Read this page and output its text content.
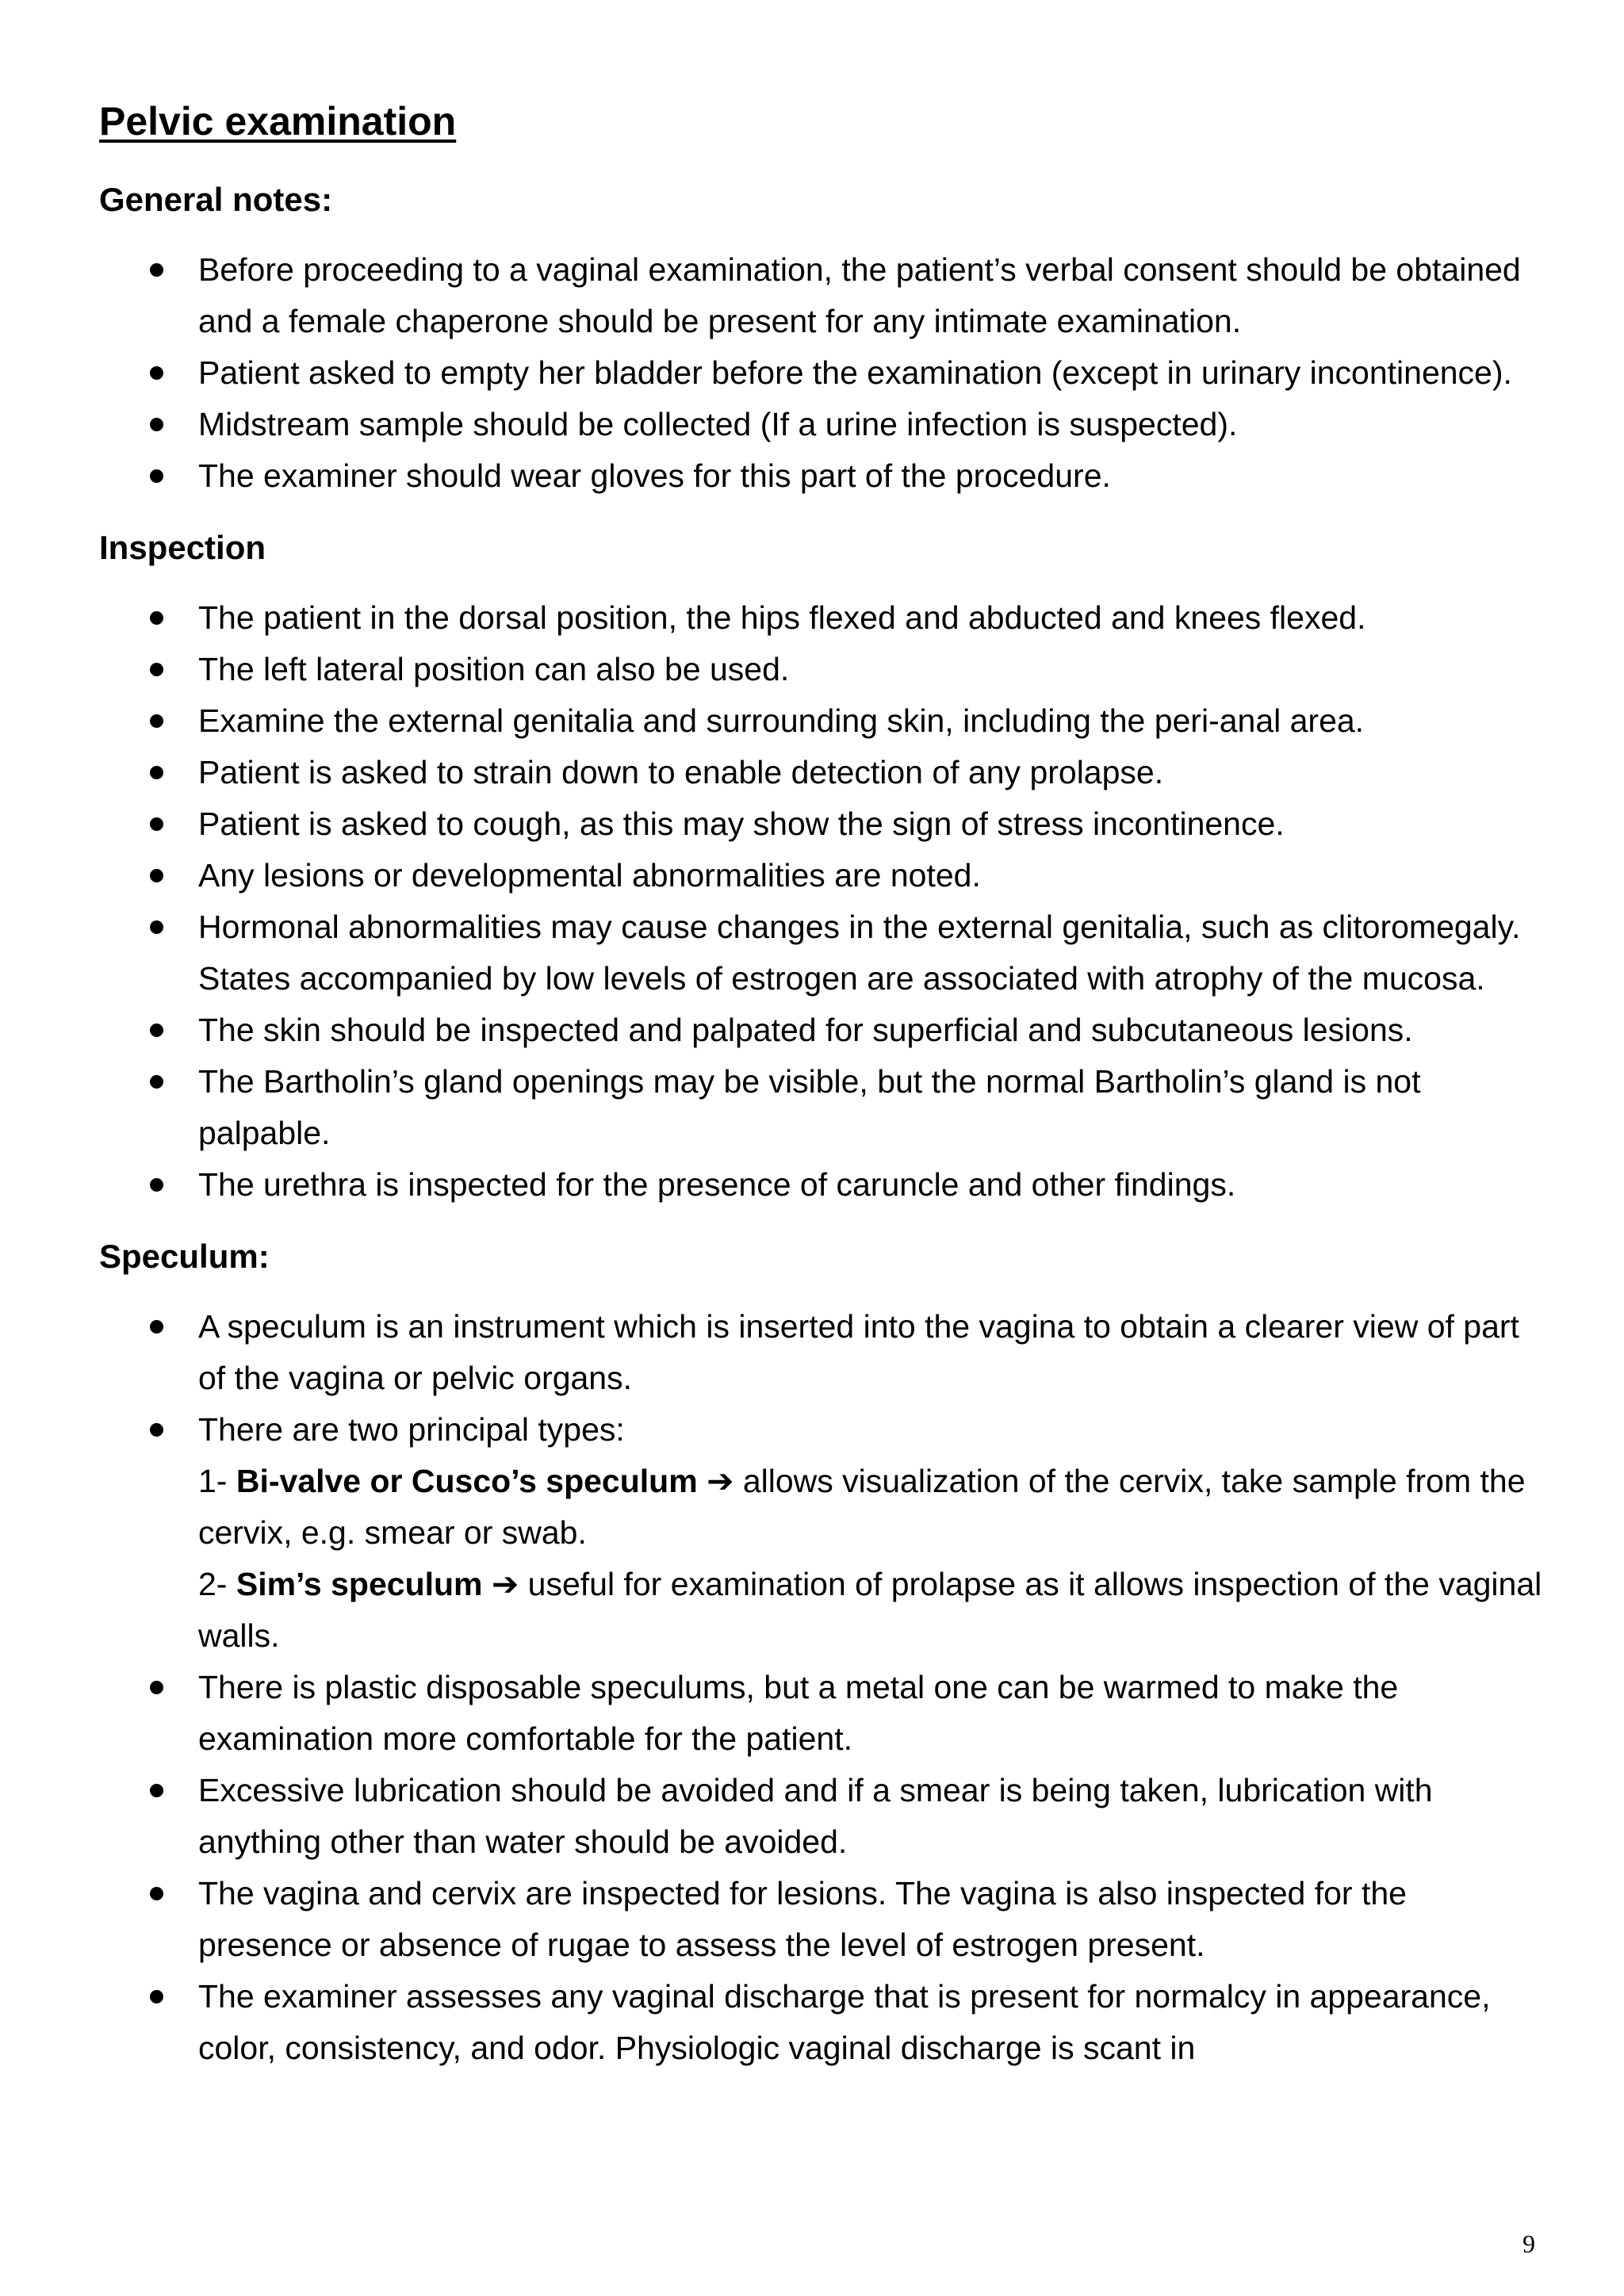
Pelvic examination
General notes:
Before proceeding to a vaginal examination, the patient’s verbal consent should be obtained and a female chaperone should be present for any intimate examination.
Patient asked to empty her bladder before the examination (except in urinary incontinence).
Midstream sample should be collected (If a urine infection is suspected).
The examiner should wear gloves for this part of the procedure.
Inspection
The patient in the dorsal position, the hips flexed and abducted and knees flexed.
The left lateral position can also be used.
Examine the external genitalia and surrounding skin, including the peri-anal area.
Patient is asked to strain down to enable detection of any prolapse.
Patient is asked to cough, as this may show the sign of stress incontinence.
Any lesions or developmental abnormalities are noted.
Hormonal abnormalities may cause changes in the external genitalia, such as clitoromegaly. States accompanied by low levels of estrogen are associated with atrophy of the mucosa.
The skin should be inspected and palpated for superficial and subcutaneous lesions.
The Bartholin’s gland openings may be visible, but the normal Bartholin’s gland is not palpable.
The urethra is inspected for the presence of caruncle and other findings.
Speculum:
A speculum is an instrument which is inserted into the vagina to obtain a clearer view of part of the vagina or pelvic organs.
There are two principal types:
1- Bi-valve or Cusco’s speculum ➔ allows visualization of the cervix, take sample from the cervix, e.g. smear or swab.
2- Sim’s speculum ➔ useful for examination of prolapse as it allows inspection of the vaginal walls.
There is plastic disposable speculums, but a metal one can be warmed to make the examination more comfortable for the patient.
Excessive lubrication should be avoided and if a smear is being taken, lubrication with anything other than water should be avoided.
The vagina and cervix are inspected for lesions. The vagina is also inspected for the presence or absence of rugae to assess the level of estrogen present.
The examiner assesses any vaginal discharge that is present for normalcy in appearance, color, consistency, and odor. Physiologic vaginal discharge is scant in
9
